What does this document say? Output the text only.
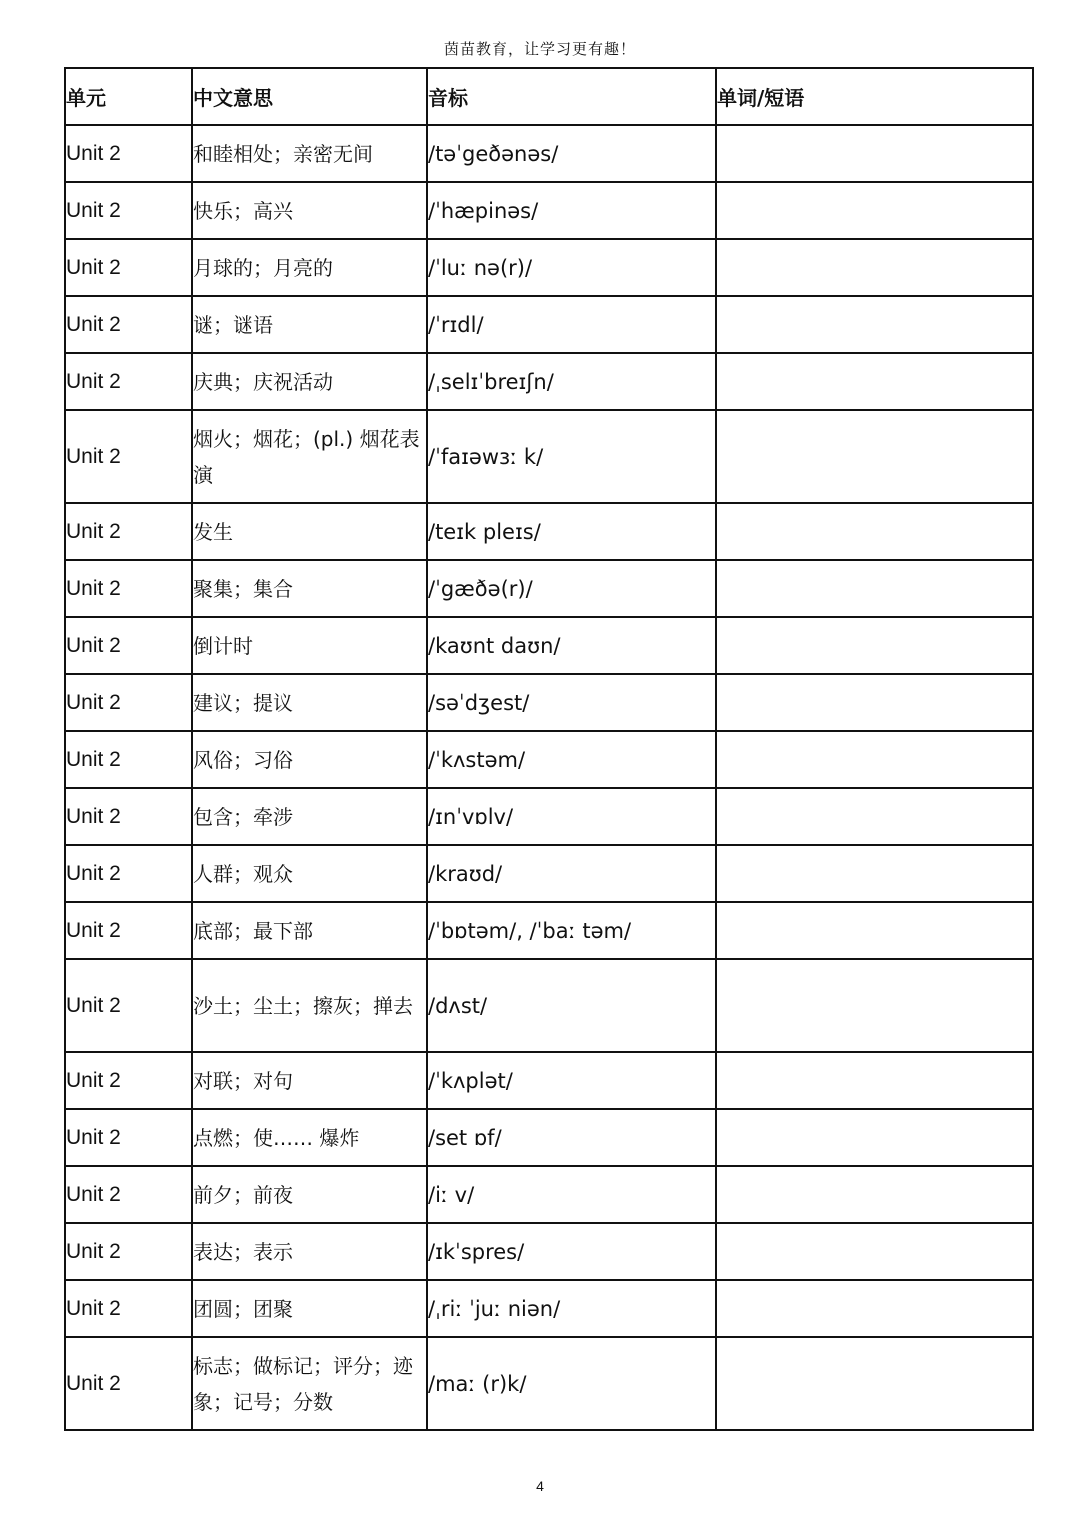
茵苗教育，让学习更有趣！
单元	中文意思	音标	单词/短语
Unit 2	和睦相处；亲密无间	/təˈgeðənəs/	
Unit 2	快乐；高兴	/ˈhæpinəs/	
Unit 2	月球的；月亮的	/ˈluː nə(r)/	
Unit 2	谜；谜语	/ˈrɪdl/	
Unit 2	庆典；庆祝活动	/ˌselɪˈbreɪʃn/	
Unit 2	烟火；烟花；(pl.) 烟花表演	/ˈfaɪəwɜː k/	
Unit 2	发生	/teɪk pleɪs/	
Unit 2	聚集；集合	/ˈgæðə(r)/	
Unit 2	倒计时	/kaʊnt daʊn/	
Unit 2	建议；提议	/səˈdʒest/	
Unit 2	风俗；习俗	/ˈkʌstəm/	
Unit 2	包含；牵涉	/ɪnˈvɒlv/	
Unit 2	人群；观众	/kraʊd/	
Unit 2	底部；最下部	/ˈbɒtəm/, /ˈbaː təm/	
Unit 2	沙土；尘土；擦灰；掸去	/dʌst/	
Unit 2	对联；对句	/ˈkʌplət/	
Unit 2	点燃；使…… 爆炸	/set ɒf/	
Unit 2	前夕；前夜	/iː v/	
Unit 2	表达；表示	/ɪkˈspres/	
Unit 2	团圆；团聚	/ˌriː ˈjuː niən/	
Unit 2	标志；做标记；评分；迹象；记号；分数	/maː (r)k/	
4
